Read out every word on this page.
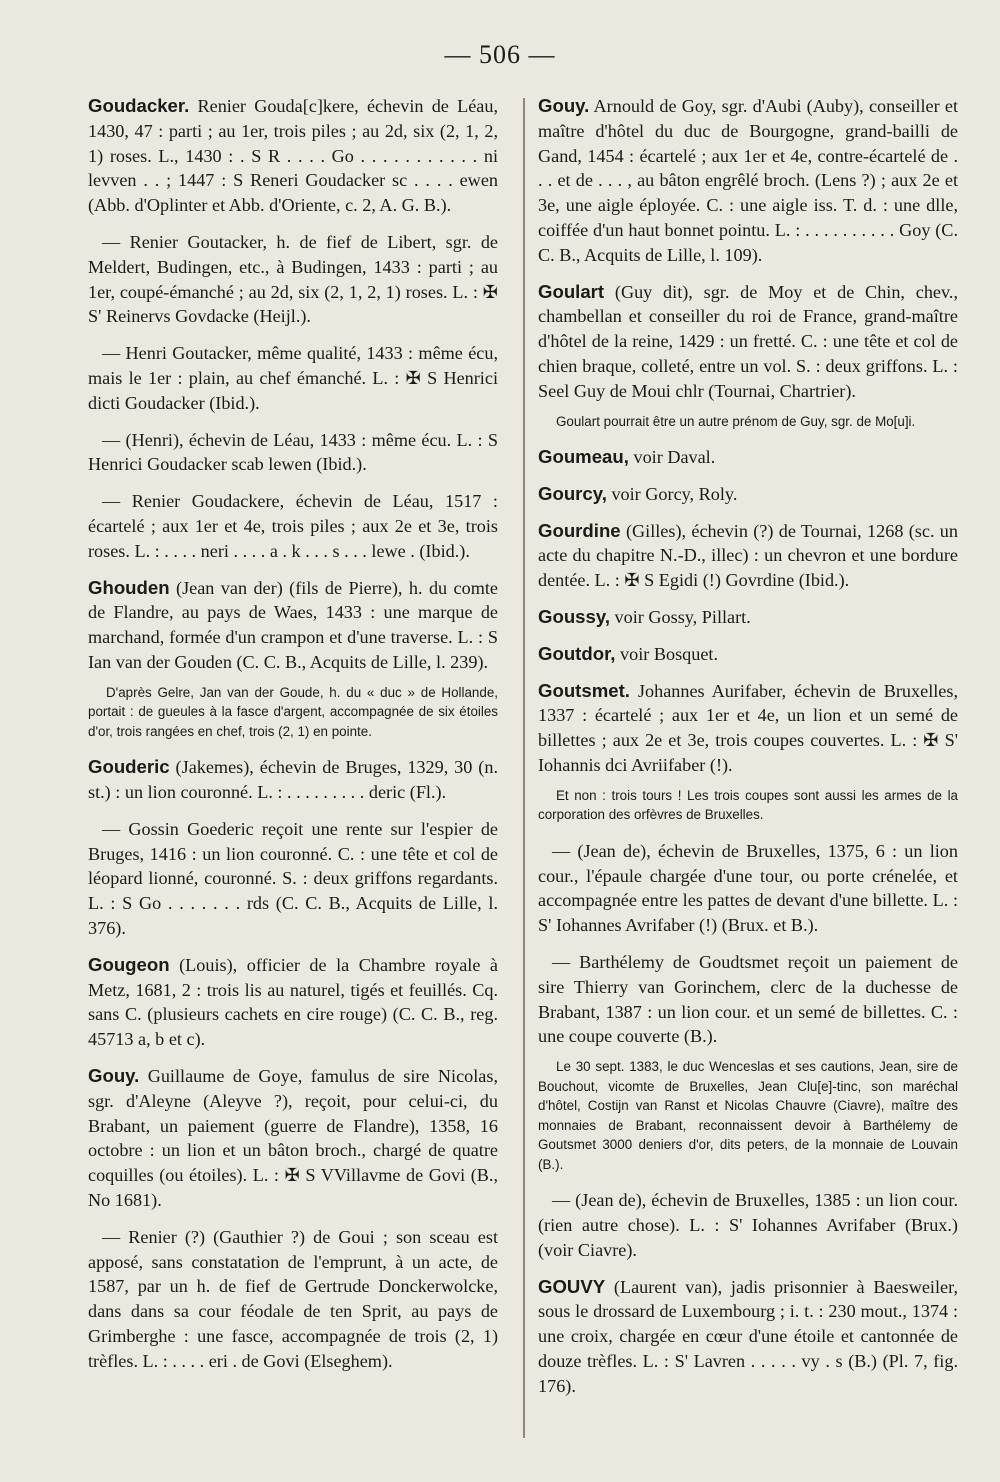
— 506 —
Goudacker. Renier Gouda[c]kere, échevin de Léau, 1430, 47 : parti ; au 1er, trois piles ; au 2d, six (2, 1, 2, 1) roses. L., 1430 : . S R . . . . Go . . . . . . . . . . . ni levven . . ; 1447 : S Reneri Goudacker sc . . . . ewen (Abb. d'Oplinter et Abb. d'Oriente, c. 2, A. G. B.).
— Renier Goutacker, h. de fief de Libert, sgr. de Meldert, Budingen, etc., à Budingen, 1433 : parti ; au 1er, coupé-émanché ; au 2d, six (2, 1, 2, 1) roses. L. : ✠ S' Reinervs Govdacke (Heijl.).
— Henri Goutacker, même qualité, 1433 : même écu, mais le 1er : plain, au chef émanché. L. : ✠ S Henrici dicti Goudacker (Ibid.).
— (Henri), échevin de Léau, 1433 : même écu. L. : S Henrici Goudacker scab lewen (Ibid.).
— Renier Goudackere, échevin de Léau, 1517 : écartelé ; aux 1er et 4e, trois piles ; aux 2e et 3e, trois roses. L. : . . . . neri . . . . a . k . . . s . . . lewe . (Ibid.).
Ghouden (Jean van der) (fils de Pierre), h. du comte de Flandre, au pays de Waes, 1433 : une marque de marchand, formée d'un crampon et d'une traverse. L. : S Ian van der Gouden (C. C. B., Acquits de Lille, l. 239).
D'après Gelre, Jan van der Goude, h. du « duc » de Hollande, portait : de gueules à la fasce d'argent, accompagnée de six étoiles d'or, trois rangées en chef, trois (2, 1) en pointe.
Gouderic (Jakemes), échevin de Bruges, 1329, 30 (n. st.) : un lion couronné. L. : . . . . . . . . . deric (Fl.).
— Gossin Goederic reçoit une rente sur l'espier de Bruges, 1416 : un lion couronné. C. : une tête et col de léopard lionné, couronné. S. : deux griffons regardants. L. : S Go . . . . . . . rds (C. C. B., Acquits de Lille, l. 376).
Gougeon (Louis), officier de la Chambre royale à Metz, 1681, 2 : trois lis au naturel, tigés et feuillés. Cq. sans C. (plusieurs cachets en cire rouge) (C. C. B., reg. 45713 a, b et c).
Gouy. Guillaume de Goye, famulus de sire Nicolas, sgr. d'Aleyne (Aleyve ?), reçoit, pour celui-ci, du Brabant, un paiement (guerre de Flandre), 1358, 16 octobre : un lion et un bâton broch., chargé de quatre coquilles (ou étoiles). L. : ✠ S VVillavme de Govi (B., No 1681).
— Renier (?) (Gauthier ?) de Goui ; son sceau est apposé, sans constatation de l'emprunt, à un acte, de 1587, par un h. de fief de Gertrude Donckerwolcke, dans dans sa cour féodale de ten Sprit, au pays de Grimberghe : une fasce, accompagnée de trois (2, 1) trèfles. L. : . . . . eri . de Govi (Elseghem).
Gouy. Arnould de Goy, sgr. d'Aubi (Auby), conseiller et maître d'hôtel du duc de Bourgogne, grand-bailli de Gand, 1454 : écartelé ; aux 1er et 4e, contre-écartelé de . . . et de . . . , au bâton engrêlé broch. (Lens ?) ; aux 2e et 3e, une aigle éployée. C. : une aigle iss. T. d. : une dlle, coiffée d'un haut bonnet pointu. L. : . . . . . . . . . . Goy (C. C. B., Acquits de Lille, l. 109).
Goulart (Guy dit), sgr. de Moy et de Chin, chev., chambellan et conseiller du roi de France, grand-maître d'hôtel de la reine, 1429 : un fretté. C. : une tête et col de chien braque, colleté, entre un vol. S. : deux griffons. L. : Seel Guy de Moui chlr (Tournai, Chartrier).
Goulart pourrait être un autre prénom de Guy, sgr. de Mo[u]i.
Goumeau, voir Daval.
Gourcy, voir Gorcy, Roly.
Gourdine (Gilles), échevin (?) de Tournai, 1268 (sc. un acte du chapitre N.-D., illec) : un chevron et une bordure dentée. L. : ✠ S Egidi (!) Govrdine (Ibid.).
Goussy, voir Gossy, Pillart.
Goutdor, voir Bosquet.
Goutsmet. Johannes Aurifaber, échevin de Bruxelles, 1337 : écartelé ; aux 1er et 4e, un lion et un semé de billettes ; aux 2e et 3e, trois coupes couvertes. L. : ✠ S' Iohannis dci Avriifaber (!).
Et non : trois tours ! Les trois coupes sont aussi les armes de la corporation des orfèvres de Bruxelles.
— (Jean de), échevin de Bruxelles, 1375, 6 : un lion cour., l'épaule chargée d'une tour, ou porte crénelée, et accompagnée entre les pattes de devant d'une billette. L. : S' Iohannes Avrifaber (!) (Brux. et B.).
— Barthélemy de Goudtsmet reçoit un paiement de sire Thierry van Gorinchem, clerc de la duchesse de Brabant, 1387 : un lion cour. et un semé de billettes. C. : une coupe couverte (B.).
Le 30 sept. 1383, le duc Wenceslas et ses cautions, Jean, sire de Bouchout, vicomte de Bruxelles, Jean Clu[e]-tinc, son maréchal d'hôtel, Costijn van Ranst et Nicolas Chauvre (Ciavre), maître des monnaies de Brabant, reconnaissent devoir à Barthélemy de Goutsmet 3000 deniers d'or, dits peters, de la monnaie de Louvain (B.).
— (Jean de), échevin de Bruxelles, 1385 : un lion cour. (rien autre chose). L. : S' Iohannes Avrifaber (Brux.) (voir Ciavre).
GOUVY (Laurent van), jadis prisonnier à Baesweiler, sous le drossard de Luxembourg ; i. t. : 230 mout., 1374 : une croix, chargée en cœur d'une étoile et cantonnée de douze trèfles. L. : S' Lavren . . . . . vy . s (B.) (Pl. 7, fig. 176).
